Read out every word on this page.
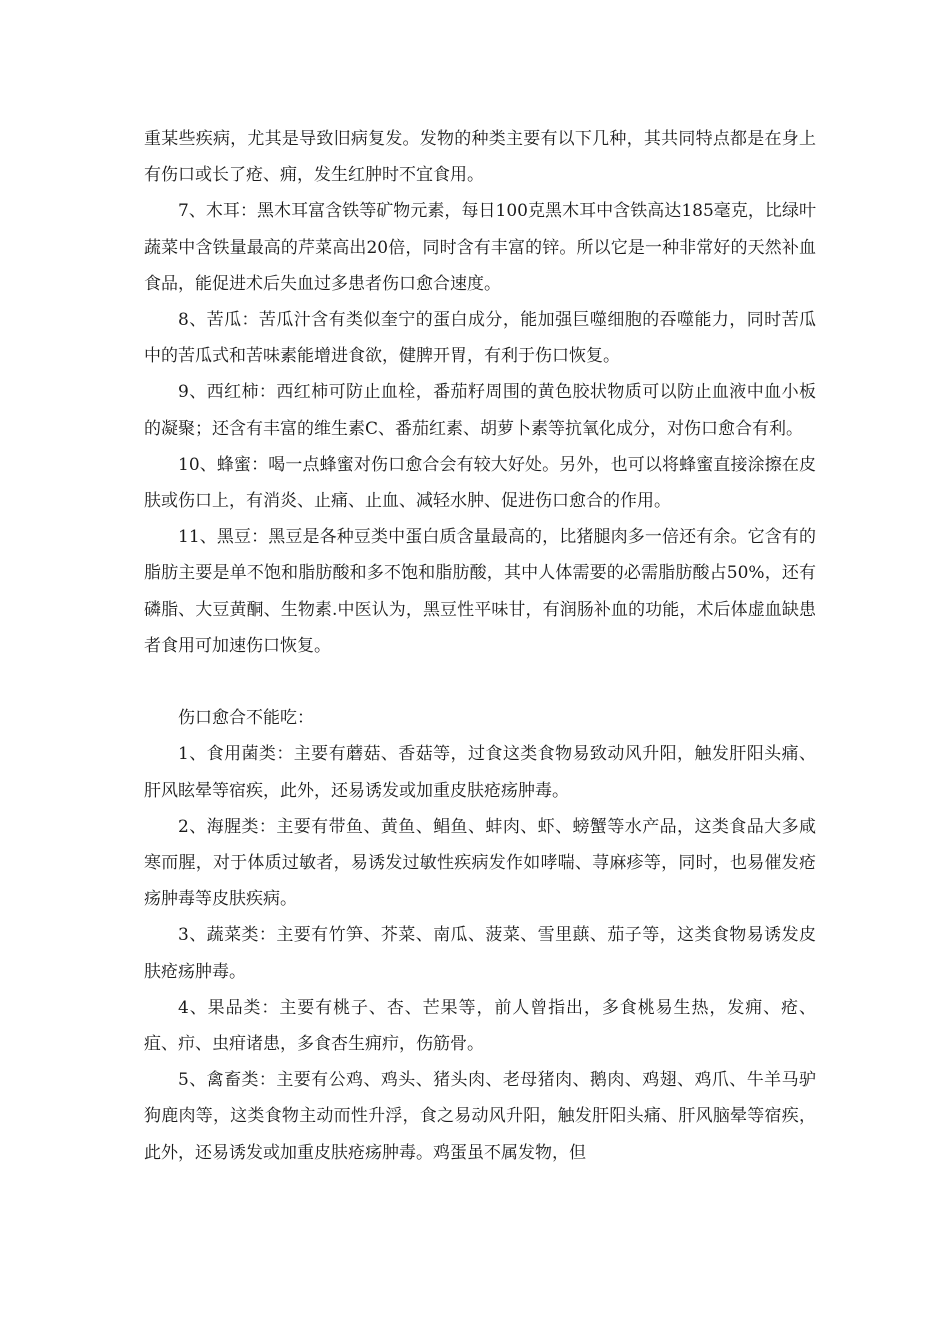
重某些疾病，尤其是导致旧病复发。发物的种类主要有以下几种，其共同特点都是在身上有伤口或长了疮、痈，发生红肿时不宜食用。

7、木耳：黑木耳富含铁等矿物元素，每日100克黑木耳中含铁高达185毫克，比绿叶蔬菜中含铁量最高的芹菜高出20倍，同时含有丰富的锌。所以它是一种非常好的天然补血食品，能促进术后失血过多患者伤口愈合速度。

8、苦瓜：苦瓜汁含有类似奎宁的蛋白成分，能加强巨噬细胞的吞噬能力，同时苦瓜中的苦瓜式和苦味素能增进食欲，健脾开胃，有利于伤口恢复。

9、西红柿：西红柿可防止血栓，番茄籽周围的黄色胶状物质可以防止血液中血小板的凝聚；还含有丰富的维生素C、番茄红素、胡萝卜素等抗氧化成分，对伤口愈合有利。

10、蜂蜜：喝一点蜂蜜对伤口愈合会有较大好处。另外，也可以将蜂蜜直接涂擦在皮肤或伤口上，有消炎、止痛、止血、减轻水肿、促进伤口愈合的作用。

11、黑豆：黑豆是各种豆类中蛋白质含量最高的，比猪腿肉多一倍还有余。它含有的脂肪主要是单不饱和脂肪酸和多不饱和脂肪酸，其中人体需要的必需脂肪酸占50%，还有磷脂、大豆黄酮、生物素.中医认为，黑豆性平味甘，有润肠补血的功能，术后体虚血缺患者食用可加速伤口恢复。

伤口愈合不能吃：

1、食用菌类：主要有蘑菇、香菇等，过食这类食物易致动风升阳，触发肝阳头痛、肝风眩晕等宿疾，此外，还易诱发或加重皮肤疮疡肿毒。

2、海腥类：主要有带鱼、黄鱼、鲳鱼、蚌肉、虾、螃蟹等水产品，这类食品大多咸寒而腥，对于体质过敏者，易诱发过敏性疾病发作如哮喘、荨麻疹等，同时，也易催发疮疡肿毒等皮肤疾病。

3、蔬菜类：主要有竹笋、芥菜、南瓜、菠菜、雪里蕻、茄子等，这类食物易诱发皮肤疮疡肿毒。

4、果品类：主要有桃子、杏、芒果等，前人曾指出，多食桃易生热，发痈、疮、疽、疖、虫疳诸患，多食杏生痈疖，伤筋骨。

5、禽畜类：主要有公鸡、鸡头、猪头肉、老母猪肉、鹅肉、鸡翅、鸡爪、牛羊马驴狗鹿肉等，这类食物主动而性升浮，食之易动风升阳，触发肝阳头痛、肝风脑晕等宿疾，此外，还易诱发或加重皮肤疮疡肿毒。鸡蛋虽不属发物，但
